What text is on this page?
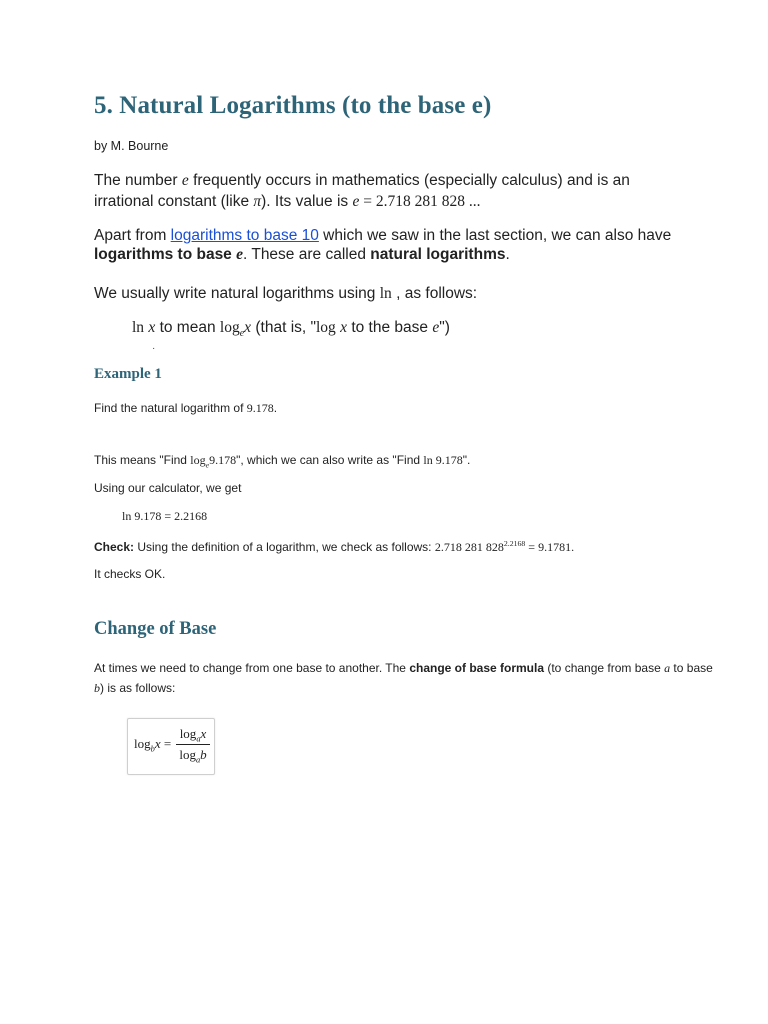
5. Natural Logarithms (to the base e)
by M. Bourne
The number e frequently occurs in mathematics (especially calculus) and is an
irrational constant (like π). Its value is e = 2.718 281 828 ...
Apart from logarithms to base 10 which we saw in the last section, we can also have
logarithms to base e. These are called natural logarithms.
We usually write natural logarithms using ln , as follows:
ln x to mean $\log_ex$ (that is, "log x to the base e")
·
Example 1
Find the natural logarithm of 9.178.
This means "Find $\log_e9.178$", which we can also write as "Find ln 9.178".
Using our calculator, we get
ln 9.178 = 2.2168
Check: Using the definition of a logarithm, we check as follows: 2.718 281 $828^{2.2168} = 9.1781$.
It checks OK.
Change of Base
At times we need to change from one base to another. The change of base formula (to change from base a to base
b) is as follows:
$\log_bx$ =
$\log_ax$
$\log_ab$
